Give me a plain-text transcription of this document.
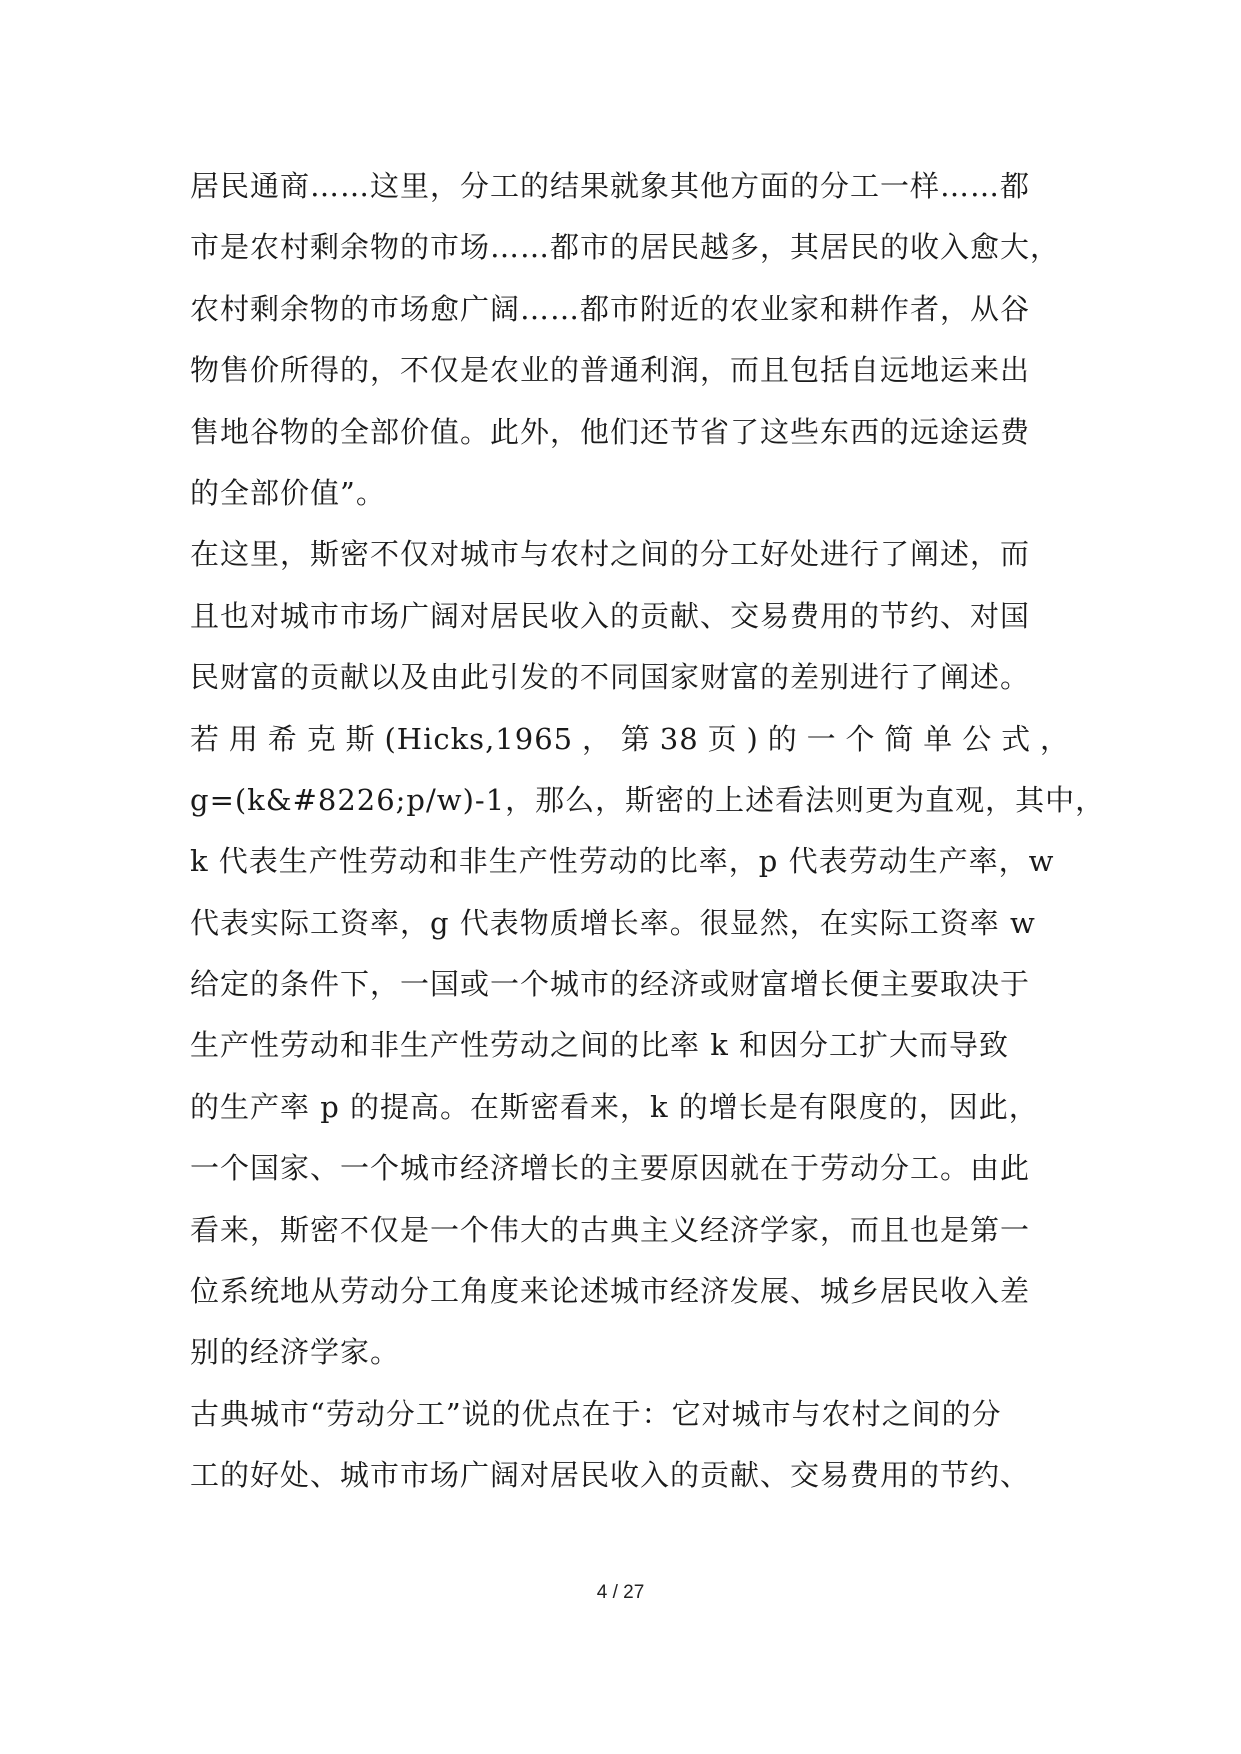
居民通商……这里，分工的结果就象其他方面的分工一样……都
市是农村剩余物的市场……都市的居民越多，其居民的收入愈大，
农村剩余物的市场愈广阔……都市附近的农业家和耕作者，从谷
物售价所得的，不仅是农业的普通利润，而且包括自远地运来出
售地谷物的全部价值。此外，他们还节省了这些东西的远途运费
的全部价值”。
在这里，斯密不仅对城市与农村之间的分工好处进行了阐述，而
且也对城市市场广阔对居民收入的贡献、交易费用的节约、对国
民财富的贡献以及由此引发的不同国家财富的差别进行了阐述。
若用希克斯(Hicks,1965，第38页)的一个简单公式，
g=(k&#8226;p/w)-1，那么，斯密的上述看法则更为直观，其中，
k 代表生产性劳动和非生产性劳动的比率，p 代表劳动生产率，w
代表实际工资率，g 代表物质增长率。很显然，在实际工资率 w
给定的条件下，一国或一个城市的经济或财富增长便主要取决于
生产性劳动和非生产性劳动之间的比率 k 和因分工扩大而导致
的生产率 p 的提高。在斯密看来，k 的增长是有限度的，因此，
一个国家、一个城市经济增长的主要原因就在于劳动分工。由此
看来，斯密不仅是一个伟大的古典主义经济学家，而且也是第一
位系统地从劳动分工角度来论述城市经济发展、城乡居民收入差
别的经济学家。
古典城市“劳动分工”说的优点在于：它对城市与农村之间的分
工的好处、城市市场广阔对居民收入的贡献、交易费用的节约、
4 / 27
